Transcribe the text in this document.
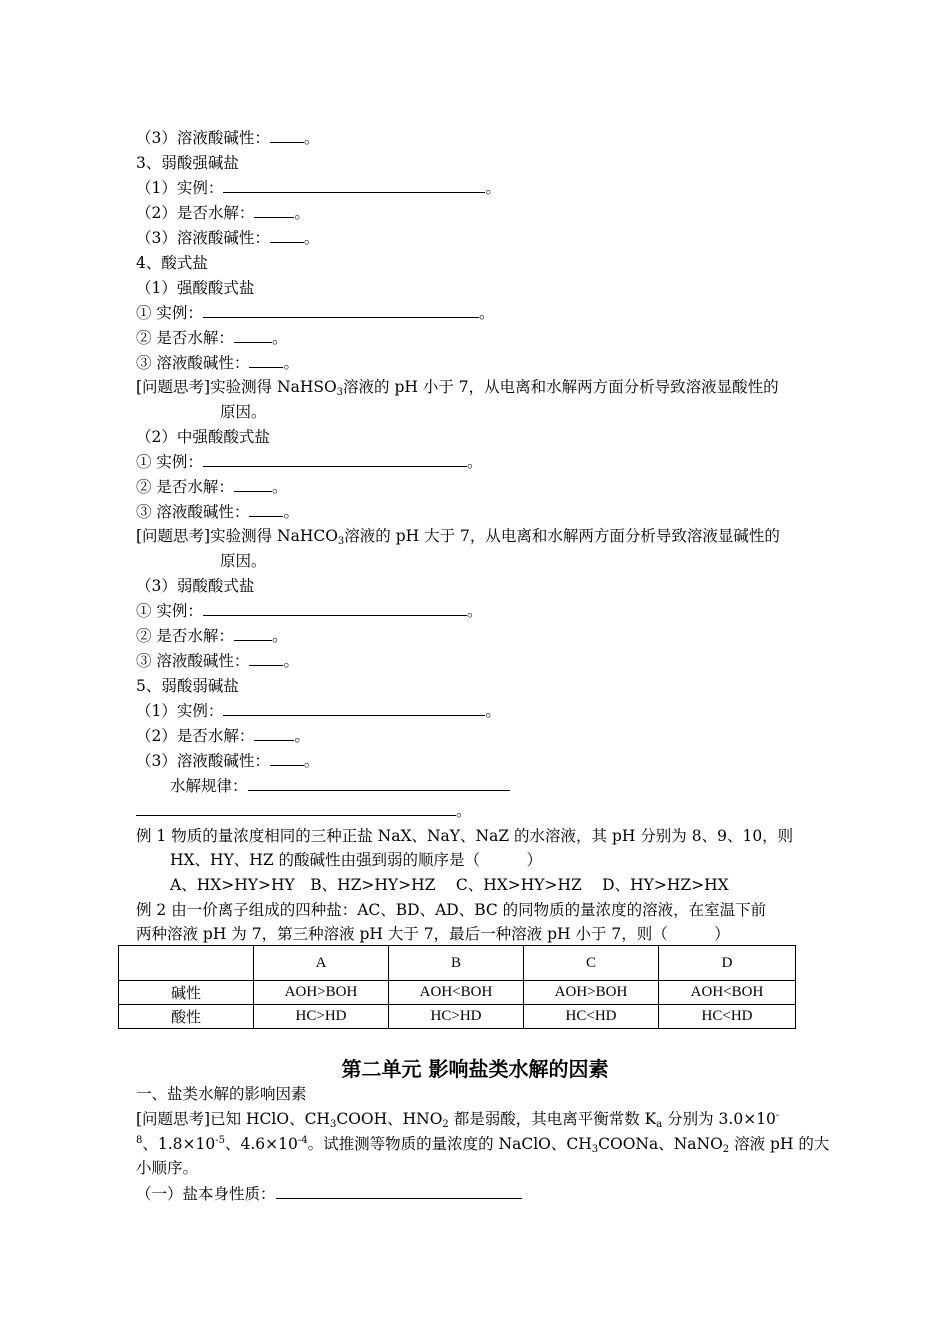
（3）溶液酸碱性： 。
3、弱酸强碱盐
（1）实例：	。
（2）是否水解：	。
（3）溶液酸碱性： 。
4、酸式盐
（1）强酸酸式盐
① 实例：	。
② 是否水解： 。
③ 溶液酸碱性： 。
[问题思考]实验测得 NaHSO$_3$溶液的 pH 小于 7，从电离和水解两方面分析导致溶液显酸性的
原因。
（2）中强酸酸式盐
① 实例：	。
② 是否水解： 。
③ 溶液酸碱性： 。
[问题思考]实验测得 NaHCO$_3$溶液的 pH 大于 7，从电离和水解两方面分析导致溶液显碱性的
原因。
（3）弱酸酸式盐
① 实例：	。
② 是否水解： 。
③ 溶液酸碱性： 。
5、弱酸弱碱盐
（1）实例：	。
（2）是否水解：	。
（3）溶液酸碱性： 。
水解规律：
。
例 1 物质的量浓度相同的三种正盐 NaX、NaY、NaZ 的水溶液，其 pH 分别为 8、9、10，则
HX、HY、HZ 的酸碱性由强到弱的顺序是（　　　）
A、HX>HY>HY　B、HZ>HY>HZ　 C、HX>HY>HZ　 D、HY>HZ>HX
例 2 由一价离子组成的四种盐：AC、BD、AD、BC 的同物质的量浓度的溶液，在室温下前
两种溶液 pH 为 7，第三种溶液 pH 大于 7，最后一种溶液 pH 小于 7，则（　　　）
	A	B	C	D
碱性	AOH>BOH	AOH<BOH	AOH>BOH	AOH<BOH
酸性	HC>HD	HC>HD	HC<HD	HC<HD
第二单元 影响盐类水解的因素
一、盐类水解的影响因素
[问题思考]已知 HClO、$CH_3COOH$、$HNO_2$ 都是弱酸，其电离平衡常数 $K_a$ 分别为 3.0×10-
$^8$、$1.8\times 10^{-5}$、$4.6\times 10^{-4}$。试推测等物质的量浓度的 NaClO、$CH_3COONa$、NaNO$_2$ 溶液 pH 的大
小顺序。
（一）盐本身性质：
